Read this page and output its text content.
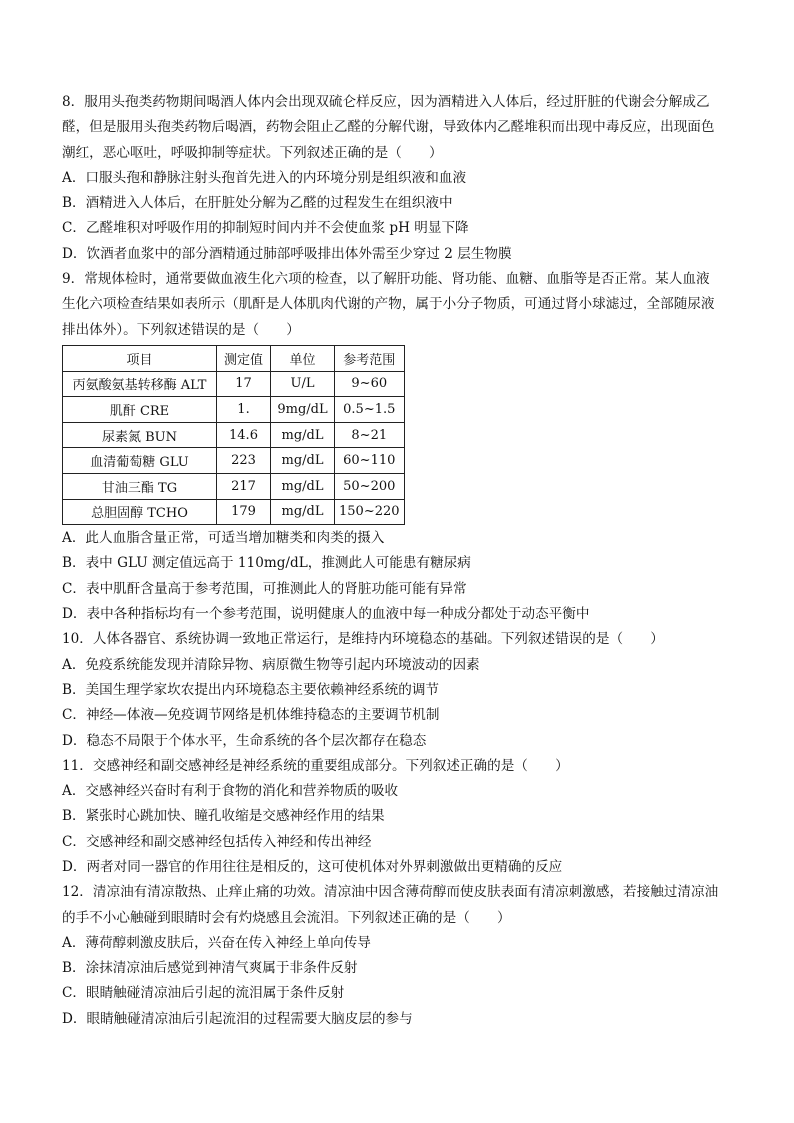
8．服用头孢类药物期间喝酒人体内会出现双硫仑样反应，因为酒精进入人体后，经过肝脏的代谢会分解成乙
醛，但是服用头孢类药物后喝酒，药物会阻止乙醛的分解代谢，导致体内乙醛堆积而出现中毒反应，出现面色
潮红，恶心呕吐，呼吸抑制等症状。下列叙述正确的是（　　）
A．口服头孢和静脉注射头孢首先进入的内环境分别是组织液和血液
B．酒精进入人体后，在肝脏处分解为乙醛的过程发生在组织液中
C．乙醛堆积对呼吸作用的抑制短时间内并不会使血浆 pH 明显下降
D．饮酒者血浆中的部分酒精通过肺部呼吸排出体外需至少穿过 2 层生物膜
9．常规体检时，通常要做血液生化六项的检查，以了解肝功能、肾功能、血糖、血脂等是否正常。某人血液
生化六项检查结果如表所示（肌酐是人体肌肉代谢的产物，属于小分子物质，可通过肾小球滤过，全部随尿液
排出体外）。下列叙述错误的是（　　）
项目	测定值	单位	参考范围
丙氨酸氨基转移酶 ALT	17	U/L	9~60
肌酐 CRE	1.	9mg/dL	0.5~1.5
尿素氮 BUN	14.6	mg/dL	8~21
血清葡萄糖 GLU	223	mg/dL	60~110
甘油三酯 TG	217	mg/dL	50~200
总胆固醇 TCHO	179	mg/dL	150~220
A．此人血脂含量正常，可适当增加糖类和肉类的摄入
B．表中 GLU 测定值远高于 110mg/dL，推测此人可能患有糖尿病
C．表中肌酐含量高于参考范围，可推测此人的肾脏功能可能有异常
D．表中各种指标均有一个参考范围，说明健康人的血液中每一种成分都处于动态平衡中
10．人体各器官、系统协调一致地正常运行，是维持内环境稳态的基础。下列叙述错误的是（　　）
A．免疫系统能发现并清除异物、病原微生物等引起内环境波动的因素
B．美国生理学家坎农提出内环境稳态主要依赖神经系统的调节
C．神经—体液—免疫调节网络是机体维持稳态的主要调节机制
D．稳态不局限于个体水平，生命系统的各个层次都存在稳态
11．交感神经和副交感神经是神经系统的重要组成部分。下列叙述正确的是（　　）
A．交感神经兴奋时有利于食物的消化和营养物质的吸收
B．紧张时心跳加快、瞳孔收缩是交感神经作用的结果
C．交感神经和副交感神经包括传入神经和传出神经
D．两者对同一器官的作用往往是相反的，这可使机体对外界刺激做出更精确的反应
12．清凉油有清凉散热、止痒止痛的功效。清凉油中因含薄荷醇而使皮肤表面有清凉刺激感，若接触过清凉油
的手不小心触碰到眼睛时会有灼烧感且会流泪。下列叙述正确的是（　　）
A．薄荷醇刺激皮肤后，兴奋在传入神经上单向传导
B．涂抹清凉油后感觉到神清气爽属于非条件反射
C．眼睛触碰清凉油后引起的流泪属于条件反射
D．眼睛触碰清凉油后引起流泪的过程需要大脑皮层的参与
